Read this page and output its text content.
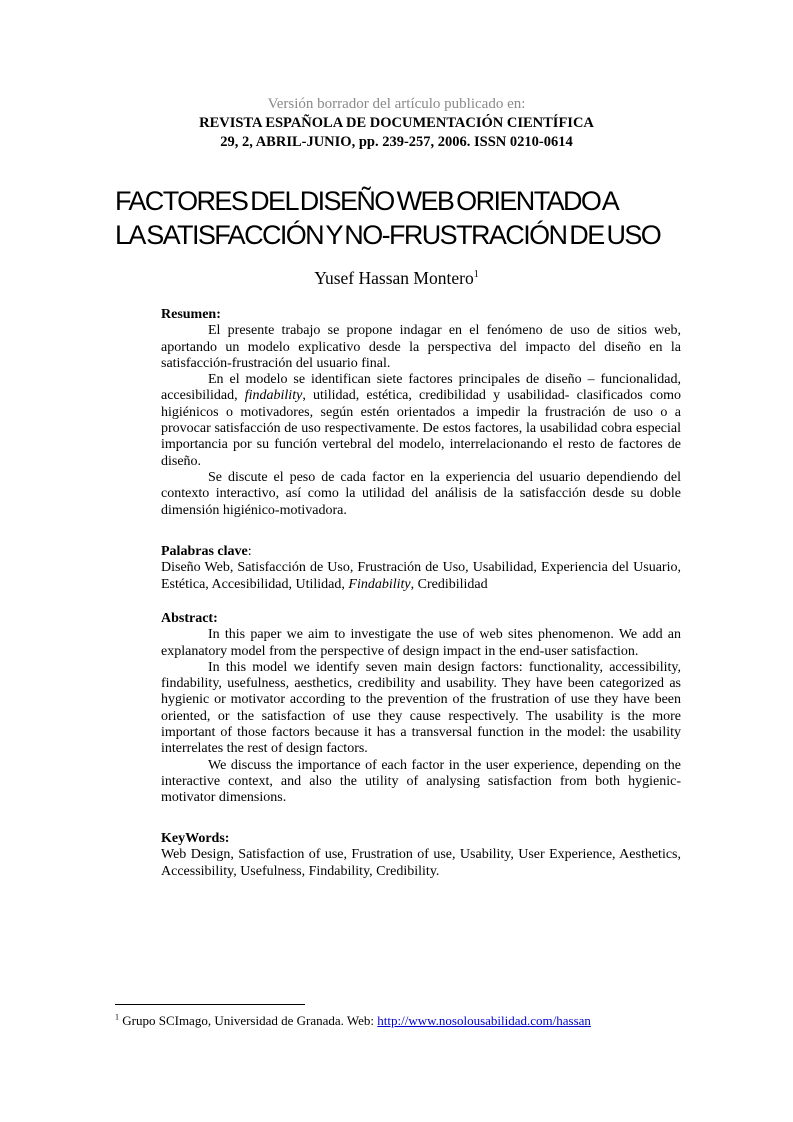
Versión borrador del artículo publicado en:
REVISTA ESPAÑOLA DE DOCUMENTACIÓN CIENTÍFICA
29, 2, ABRIL-JUNIO, pp. 239-257, 2006. ISSN 0210-0614
FACTORES DEL DISEÑO WEB ORIENTADO A
LA SATISFACCIÓN Y NO-FRUSTRACIÓN DE USO
Yusef Hassan Montero$^1$
Resumen:

El presente trabajo se propone indagar en el fenómeno de uso de sitios web, aportando un modelo explicativo desde la perspectiva del impacto del diseño en la satisfacción-frustración del usuario final.

En el modelo se identifican siete factores principales de diseño – funcionalidad, accesibilidad, findability, utilidad, estética, credibilidad y usabilidad- clasificados como higiénicos o motivadores, según estén orientados a impedir la frustración de uso o a provocar satisfacción de uso respectivamente. De estos factores, la usabilidad cobra especial importancia por su función vertebral del modelo, interrelacionando el resto de factores de diseño.

Se discute el peso de cada factor en la experiencia del usuario dependiendo del contexto interactivo, así como la utilidad del análisis de la satisfacción desde su doble dimensión higiénico-motivadora.

Palabras clave:

Diseño Web, Satisfacción de Uso, Frustración de Uso, Usabilidad, Experiencia del Usuario, Estética, Accesibilidad, Utilidad, Findability, Credibilidad

Abstract:

In this paper we aim to investigate the use of web sites phenomenon. We add an explanatory model from the perspective of design impact in the end-user satisfaction.

In this model we identify seven main design factors: functionality, accessibility, findability, usefulness, aesthetics, credibility and usability. They have been categorized as hygienic or motivator according to the prevention of the frustration of use they have been oriented, or the satisfaction of use they cause respectively. The usability is the more important of those factors because it has a transversal function in the model: the usability interrelates the rest of design factors.

We discuss the importance of each factor in the user experience, depending on the interactive context, and also the utility of analysing satisfaction from both hygienic-motivator dimensions.

KeyWords:

Web Design, Satisfaction of use, Frustration of use, Usability, User Experience, Aesthetics, Accessibility, Usefulness, Findability, Credibility.

$^1$ Grupo SCImago, Universidad de Granada. Web: http://www.nosolousabilidad.com/hassan
